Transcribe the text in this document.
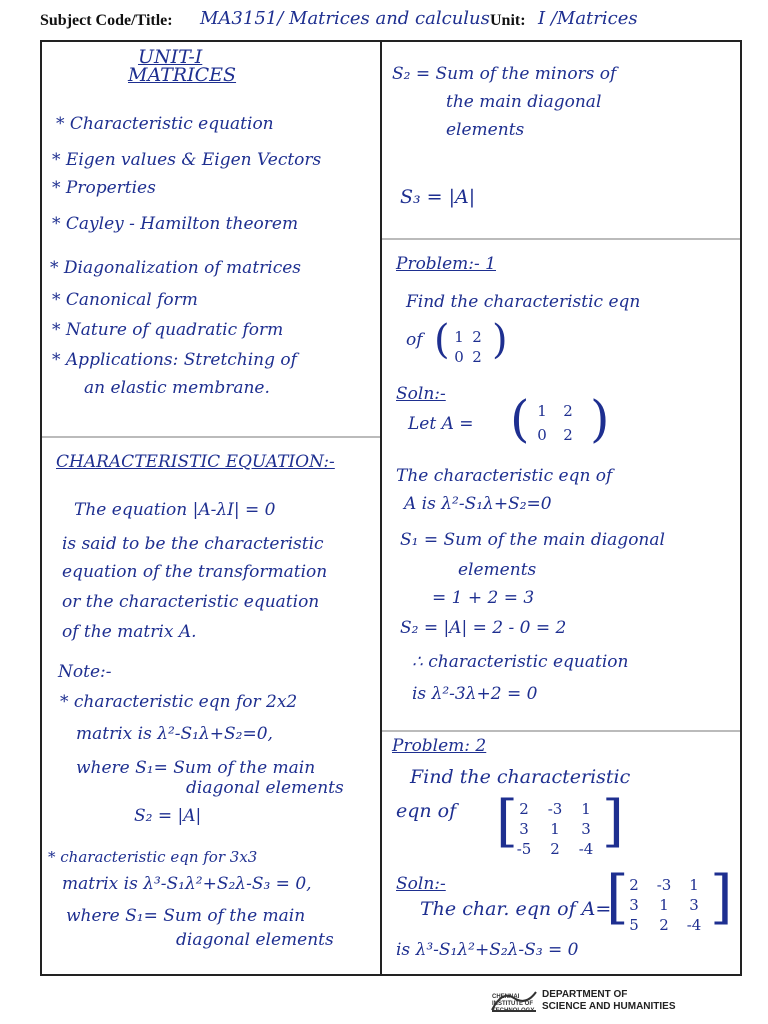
Subject Code/Title: MA3151/ Matrices and calculus Unit: I /Matrices
UNIT-I
MATRICES
* Characteristic equation
* Eigen values & Eigen Vectors
* Properties
* Cayley - Hamilton theorem
* Diagonalization of matrices
* Canonical form
* Nature of quadratic form
* Applications: Stretching of
an elastic membrane.
CHARACTERISTIC EQUATION:-
The equation |A-λI| = 0
is said to be the characteristic
equation of the transformation
or the characteristic equation
of the matrix A.
Note:-
* characteristic eqn for 2x2
matrix is λ²-S₁λ+S₂=0,
where S₁= Sum of the main
diagonal elements
S₂ = |A|
* characteristic eqn for 3x3
matrix is λ³-S₁λ²+S₂λ-S₃ = 0,
where S₁= Sum of the main
diagonal elements
S₂ = Sum of the minors of
the main diagonal
elements
S₃ = |A|
Problem:- 1
Find the characteristic eqn
of ( 1 2
0 2 )
Soln:-
Let A = ( 1	2
0	2 )
The characteristic eqn of
A is λ²-S₁λ+S₂=0
S₁ = Sum of the main diagonal
elements
= 1 + 2 = 3
S₂ = |A| = 2 - 0 = 2
∴ characteristic equation
is λ²-3λ+2 = 0
Problem: 2
Find the characteristic
eqn of [ 2	-3	1
3	1	3
-5	2	-4 ]
Soln:-
The char. eqn of A=
[ 2	-3	1
3	1	3
5	2	-4 ]
is λ³-S₁λ²+S₂λ-S₃ = 0
CHENNAI INSTITUTE OF TECHNOLOGY
DEPARTMENT OF
SCIENCE AND HUMANITIES
